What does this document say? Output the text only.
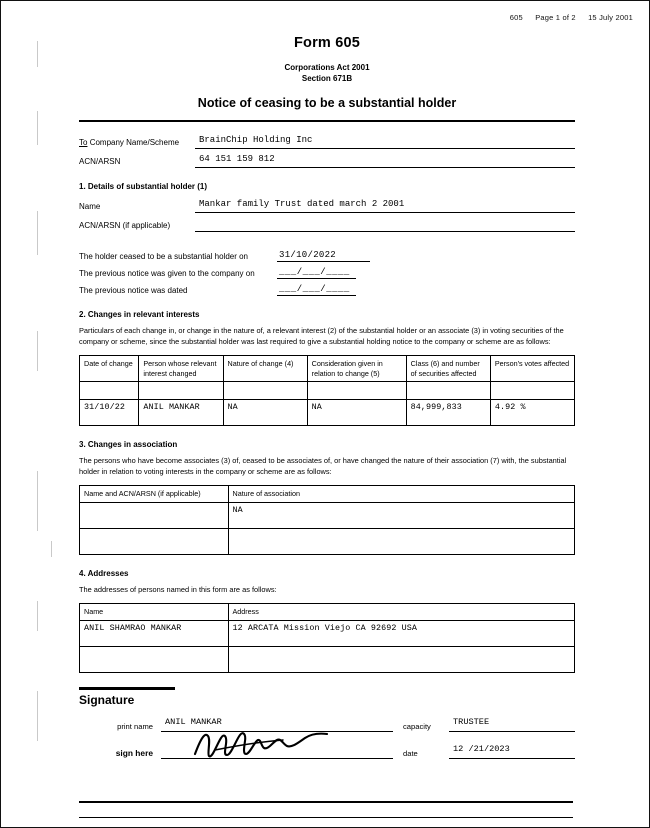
605 Page 1 of 2 15 July 2001
Form 605
Corporations Act 2001
Section 671B
Notice of ceasing to be a substantial holder
To Company Name/Scheme	BrainChip Holding Inc
ACN/ARSN	64 151 159 812
1. Details of substantial holder (1)
Name	Mankar family Trust dated march 2 2001
ACN/ARSN (if applicable)
The holder ceased to be a substantial holder on	31/10/2022
The previous notice was given to the company on	___/___/____
The previous notice was dated	___/___/____
2. Changes in relevant interests
Particulars of each change in, or change in the nature of, a relevant interest (2) of the substantial holder or an associate (3) in voting securities of the company or scheme, since the substantial holder was last required to give a substantial holding notice to the company or scheme are as follows:
Date of change	Person whose relevant interest changed	Nature of change (4)	Consideration given in relation to change (5)	Class (6) and number of securities affected	Person's votes affected

31/10/22	ANIL MANKAR	NA	NA	84,999,833	4.92 %
3. Changes in association
The persons who have become associates (3) of, ceased to be associates of, or have changed the nature of their association (7) with, the substantial holder in relation to voting interests in the company or scheme are as follows:
Name and ACN/ARSN (if applicable)	Nature of association
	NA

4. Addresses
The addresses of persons named in this form are as follows:
Name	Address
ANIL SHAMRAO MANKAR	12 ARCATA Mission Viejo CA 92692 USA

Signature
print name	ANIL MANKAR	capacity	TRUSTEE
sign here	date	12 /21/2023
